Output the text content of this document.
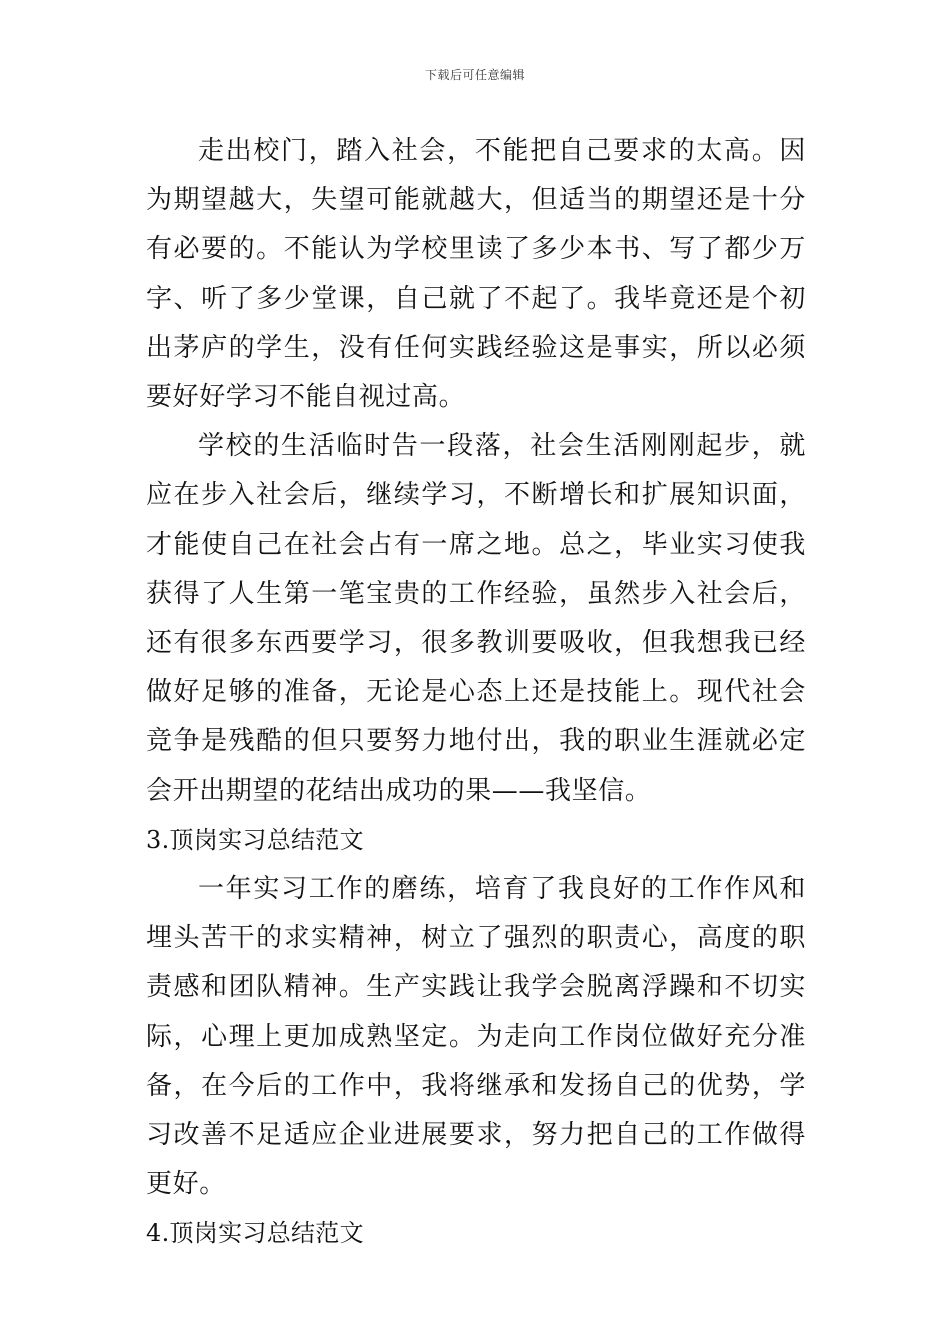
下载后可任意编辑

走出校门，踏入社会，不能把自己要求的太高。因为期望越大，失望可能就越大，但适当的期望还是十分有必要的。不能认为学校里读了多少本书、写了都少万字、听了多少堂课，自己就了不起了。我毕竟还是个初出茅庐的学生，没有任何实践经验这是事实，所以必须要好好学习不能自视过高。

学校的生活临时告一段落，社会生活刚刚起步，就应在步入社会后，继续学习，不断增长和扩展知识面，才能使自己在社会占有一席之地。总之，毕业实习使我获得了人生第一笔宝贵的工作经验，虽然步入社会后，还有很多东西要学习，很多教训要吸收，但我想我已经做好足够的准备，无论是心态上还是技能上。现代社会竞争是残酷的但只要努力地付出，我的职业生涯就必定会开出期望的花结出成功的果——我坚信。

3.顶岗实习总结范文

一年实习工作的磨练，培育了我良好的工作作风和埋头苦干的求实精神，树立了强烈的职责心，高度的职责感和团队精神。生产实践让我学会脱离浮躁和不切实际，心理上更加成熟坚定。为走向工作岗位做好充分准备，在今后的工作中，我将继承和发扬自己的优势，学习改善不足适应企业进展要求，努力把自己的工作做得更好。

4.顶岗实习总结范文
